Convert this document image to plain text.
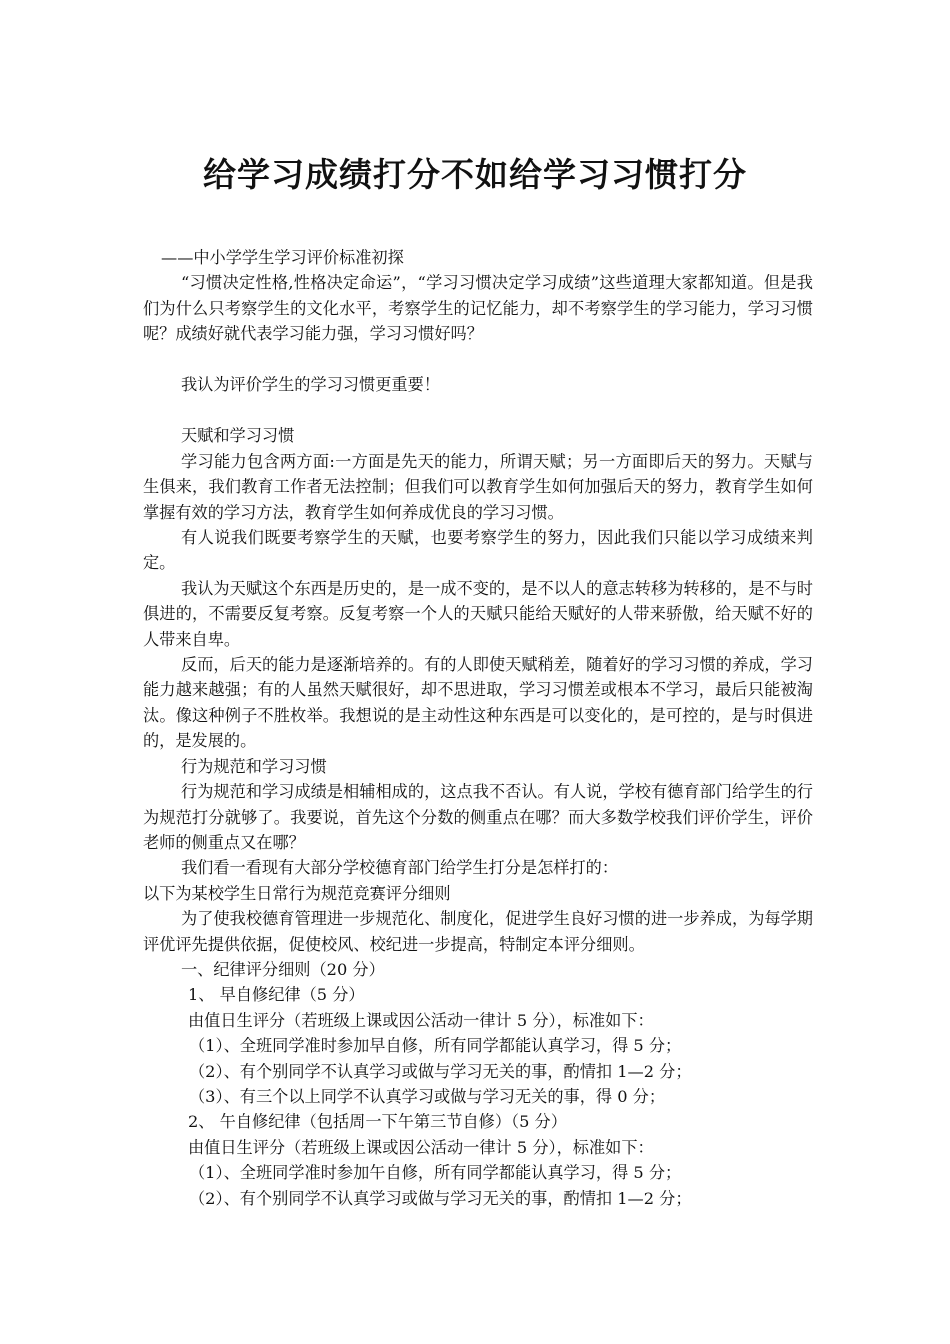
给学习成绩打分不如给学习习惯打分

——中小学学生学习评价标准初探

“习惯决定性格,性格决定命运”，“学习习惯决定学习成绩”这些道理大家都知道。但是我们为什么只考察学生的文化水平，考察学生的记忆能力，却不考察学生的学习能力，学习习惯呢？成绩好就代表学习能力强，学习习惯好吗？

我认为评价学生的学习习惯更重要！

天赋和学习习惯

学习能力包含两方面:一方面是先天的能力，所谓天赋；另一方面即后天的努力。天赋与生俱来，我们教育工作者无法控制；但我们可以教育学生如何加强后天的努力，教育学生如何掌握有效的学习方法，教育学生如何养成优良的学习习惯。

有人说我们既要考察学生的天赋，也要考察学生的努力，因此我们只能以学习成绩来判定。

我认为天赋这个东西是历史的，是一成不变的，是不以人的意志转移为转移的，是不与时俱进的，不需要反复考察。反复考察一个人的天赋只能给天赋好的人带来骄傲，给天赋不好的人带来自卑。

反而，后天的能力是逐渐培养的。有的人即使天赋稍差，随着好的学习习惯的养成，学习能力越来越强；有的人虽然天赋很好，却不思进取，学习习惯差或根本不学习，最后只能被淘汰。像这种例子不胜枚举。我想说的是主动性这种东西是可以变化的，是可控的，是与时俱进的，是发展的。

行为规范和学习习惯

行为规范和学习成绩是相辅相成的，这点我不否认。有人说，学校有德育部门给学生的行为规范打分就够了。我要说，首先这个分数的侧重点在哪？而大多数学校我们评价学生，评价老师的侧重点又在哪？

我们看一看现有大部分学校德育部门给学生打分是怎样打的：

以下为某校学生日常行为规范竞赛评分细则

为了使我校德育管理进一步规范化、制度化，促进学生良好习惯的进一步养成，为每学期评优评先提供依据，促使校风、校纪进一步提高，特制定本评分细则。

一、纪律评分细则（20 分）

1、 早自修纪律（5 分）

由值日生评分（若班级上课或因公活动一律计 5 分），标准如下：

（1）、全班同学准时参加早自修，所有同学都能认真学习，得 5 分；

（2）、有个别同学不认真学习或做与学习无关的事，酌情扣 1—2 分；

（3）、有三个以上同学不认真学习或做与学习无关的事，得 0 分；

2、 午自修纪律（包括周一下午第三节自修）（5 分）

由值日生评分（若班级上课或因公活动一律计 5 分），标准如下：

（1）、全班同学准时参加午自修，所有同学都能认真学习，得 5 分；

（2）、有个别同学不认真学习或做与学习无关的事，酌情扣 1—2 分；
